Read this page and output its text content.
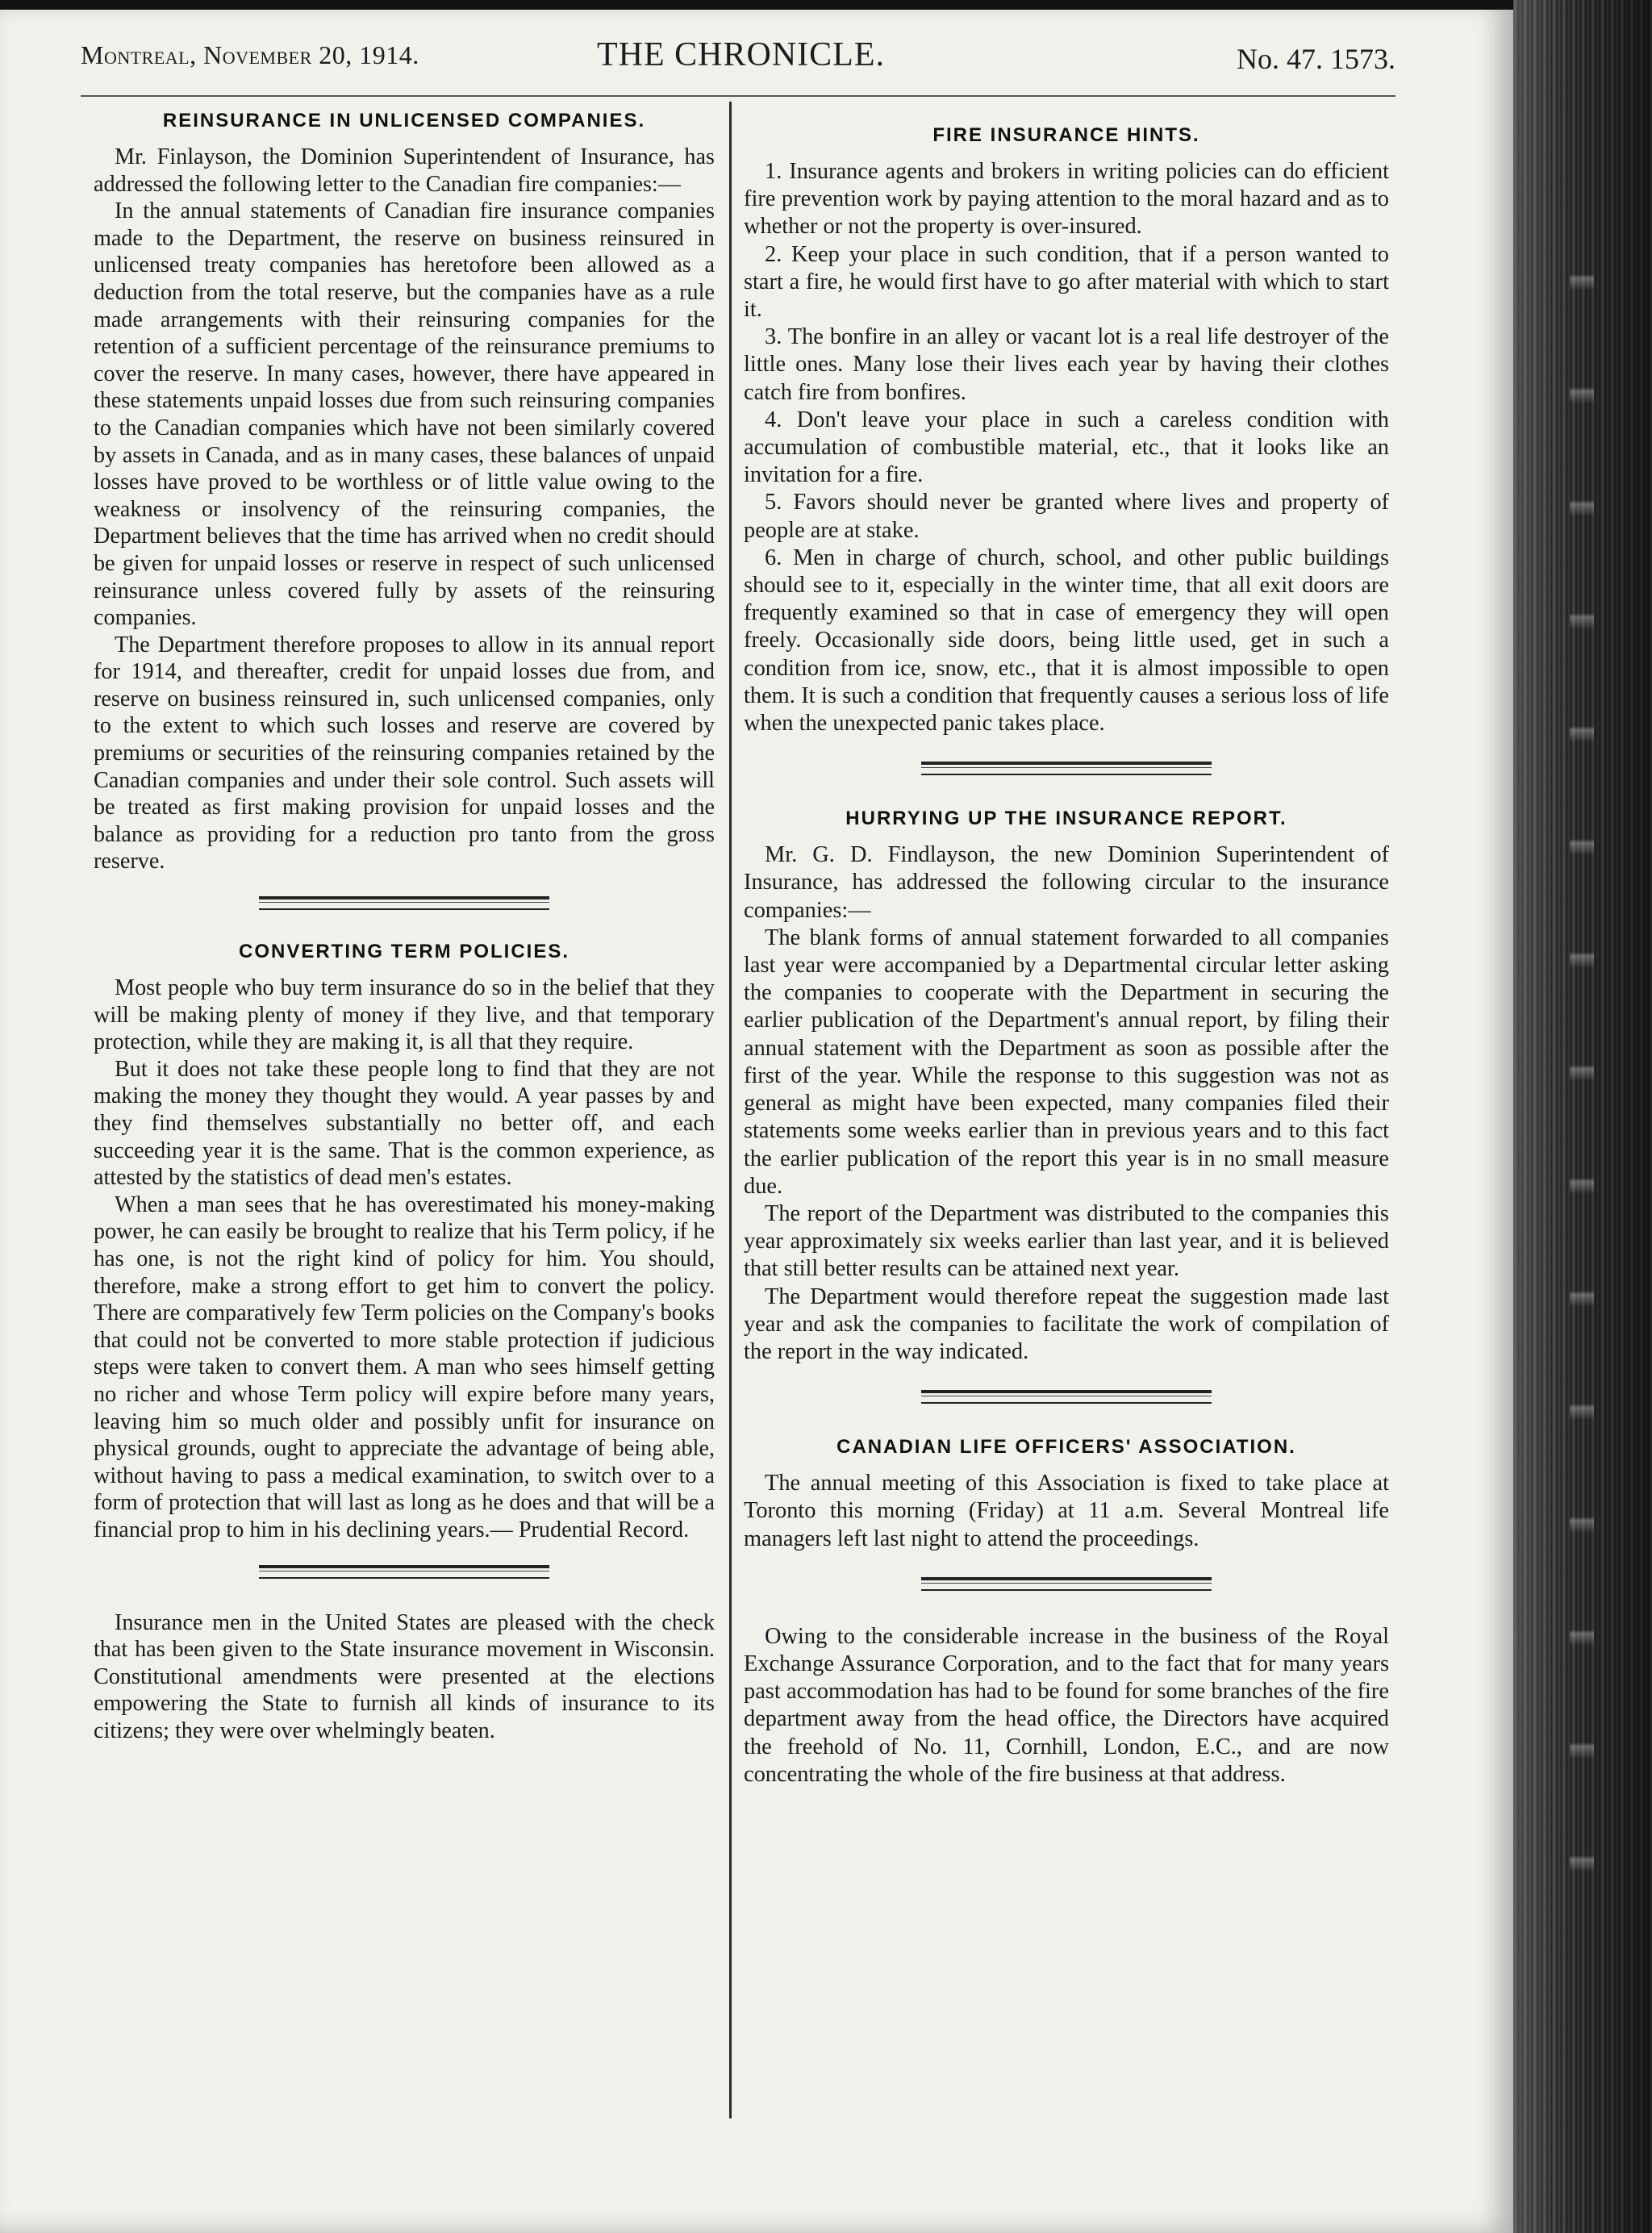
Montreal, November 20, 1914.	THE CHRONICLE.	No. 47. 1573.
REINSURANCE IN UNLICENSED COMPANIES.

Mr. Finlayson, the Dominion Superintendent of Insurance, has addressed the following letter to the Canadian fire companies:—

In the annual statements of Canadian fire insurance companies made to the Department, the reserve on business reinsured in unlicensed treaty companies has heretofore been allowed as a deduction from the total reserve, but the companies have as a rule made arrangements with their reinsuring companies for the retention of a sufficient percentage of the reinsurance premiums to cover the reserve. In many cases, however, there have appeared in these statements unpaid losses due from such reinsuring companies to the Canadian companies which have not been similarly covered by assets in Canada, and as in many cases, these balances of unpaid losses have proved to be worthless or of little value owing to the weakness or insolvency of the reinsuring companies, the Department believes that the time has arrived when no credit should be given for unpaid losses or reserve in respect of such unlicensed reinsurance unless covered fully by assets of the reinsuring companies.

The Department therefore proposes to allow in its annual report for 1914, and thereafter, credit for unpaid losses due from, and reserve on business reinsured in, such unlicensed companies, only to the extent to which such losses and reserve are covered by premiums or securities of the reinsuring companies retained by the Canadian companies and under their sole control. Such assets will be treated as first making provision for unpaid losses and the balance as providing for a reduction pro tanto from the gross reserve.

CONVERTING TERM POLICIES.

Most people who buy term insurance do so in the belief that they will be making plenty of money if they live, and that temporary protection, while they are making it, is all that they require.

But it does not take these people long to find that they are not making the money they thought they would. A year passes by and they find themselves substantially no better off, and each succeeding year it is the same. That is the common experience, as attested by the statistics of dead men's estates.

When a man sees that he has overestimated his money-making power, he can easily be brought to realize that his Term policy, if he has one, is not the right kind of policy for him. You should, therefore, make a strong effort to get him to convert the policy. There are comparatively few Term policies on the Company's books that could not be converted to more stable protection if judicious steps were taken to convert them. A man who sees himself getting no richer and whose Term policy will expire before many years, leaving him so much older and possibly unfit for insurance on physical grounds, ought to appreciate the advantage of being able, without having to pass a medical examination, to switch over to a form of protection that will last as long as he does and that will be a financial prop to him in his declining years.— Prudential Record.

Insurance men in the United States are pleased with the check that has been given to the State insurance movement in Wisconsin. Constitutional amendments were presented at the elections empowering the State to furnish all kinds of insurance to its citizens; they were over whelmingly beaten.

FIRE INSURANCE HINTS.

1. Insurance agents and brokers in writing policies can do efficient fire prevention work by paying attention to the moral hazard and as to whether or not the property is over-insured.

2. Keep your place in such condition, that if a person wanted to start a fire, he would first have to go after material with which to start it.

3. The bonfire in an alley or vacant lot is a real life destroyer of the little ones. Many lose their lives each year by having their clothes catch fire from bonfires.

4. Don't leave your place in such a careless condition with accumulation of combustible material, etc., that it looks like an invitation for a fire.

5. Favors should never be granted where lives and property of people are at stake.

6. Men in charge of church, school, and other public buildings should see to it, especially in the winter time, that all exit doors are frequently examined so that in case of emergency they will open freely. Occasionally side doors, being little used, get in such a condition from ice, snow, etc., that it is almost impossible to open them. It is such a condition that frequently causes a serious loss of life when the unexpected panic takes place.

HURRYING UP THE INSURANCE REPORT.

Mr. G. D. Findlayson, the new Dominion Superintendent of Insurance, has addressed the following circular to the insurance companies:—

The blank forms of annual statement forwarded to all companies last year were accompanied by a Departmental circular letter asking the companies to cooperate with the Department in securing the earlier publication of the Department's annual report, by filing their annual statement with the Department as soon as possible after the first of the year. While the response to this suggestion was not as general as might have been expected, many companies filed their statements some weeks earlier than in previous years and to this fact the earlier publication of the report this year is in no small measure due.

The report of the Department was distributed to the companies this year approximately six weeks earlier than last year, and it is believed that still better results can be attained next year.

The Department would therefore repeat the suggestion made last year and ask the companies to facilitate the work of compilation of the report in the way indicated.

CANADIAN LIFE OFFICERS' ASSOCIATION.

The annual meeting of this Association is fixed to take place at Toronto this morning (Friday) at 11 a.m. Several Montreal life managers left last night to attend the proceedings.

Owing to the considerable increase in the business of the Royal Exchange Assurance Corporation, and to the fact that for many years past accommodation has had to be found for some branches of the fire department away from the head office, the Directors have acquired the freehold of No. 11, Cornhill, London, E.C., and are now concentrating the whole of the fire business at that address.
